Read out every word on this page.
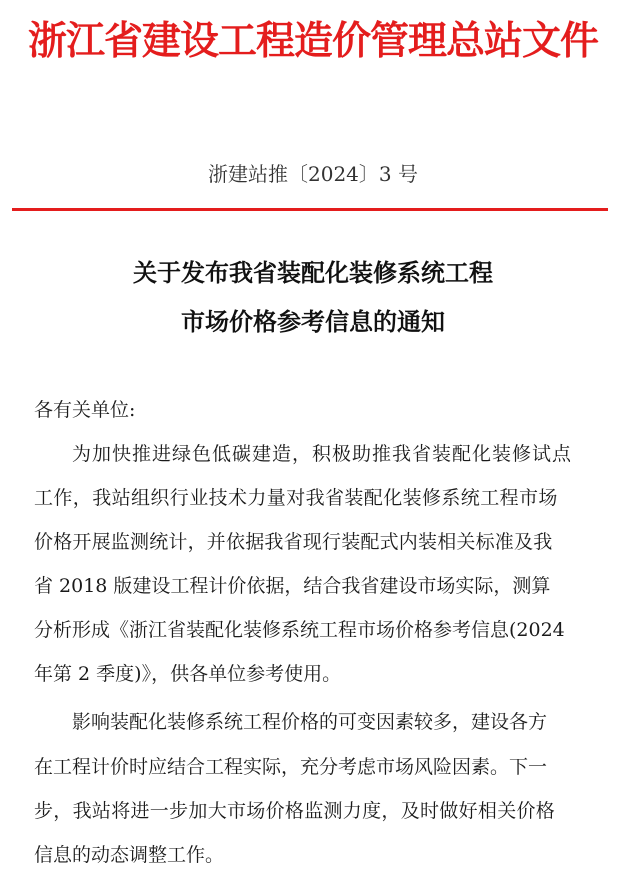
浙江省建设工程造价管理总站文件
浙建站推〔2024〕3 号
关于发布我省装配化装修系统工程
市场价格参考信息的通知
各有关单位:
为加快推进绿色低碳建造，积极助推我省装配化装修试点
工作，我站组织行业技术力量对我省装配化装修系统工程市场
价格开展监测统计，并依据我省现行装配式内装相关标准及我
省 2018 版建设工程计价依据，结合我省建设市场实际，测算
分析形成《浙江省装配化装修系统工程市场价格参考信息(2024
年第 2 季度)》，供各单位参考使用。
影响装配化装修系统工程价格的可变因素较多，建设各方
在工程计价时应结合工程实际，充分考虑市场风险因素。下一
步，我站将进一步加大市场价格监测力度，及时做好相关价格
信息的动态调整工作。
